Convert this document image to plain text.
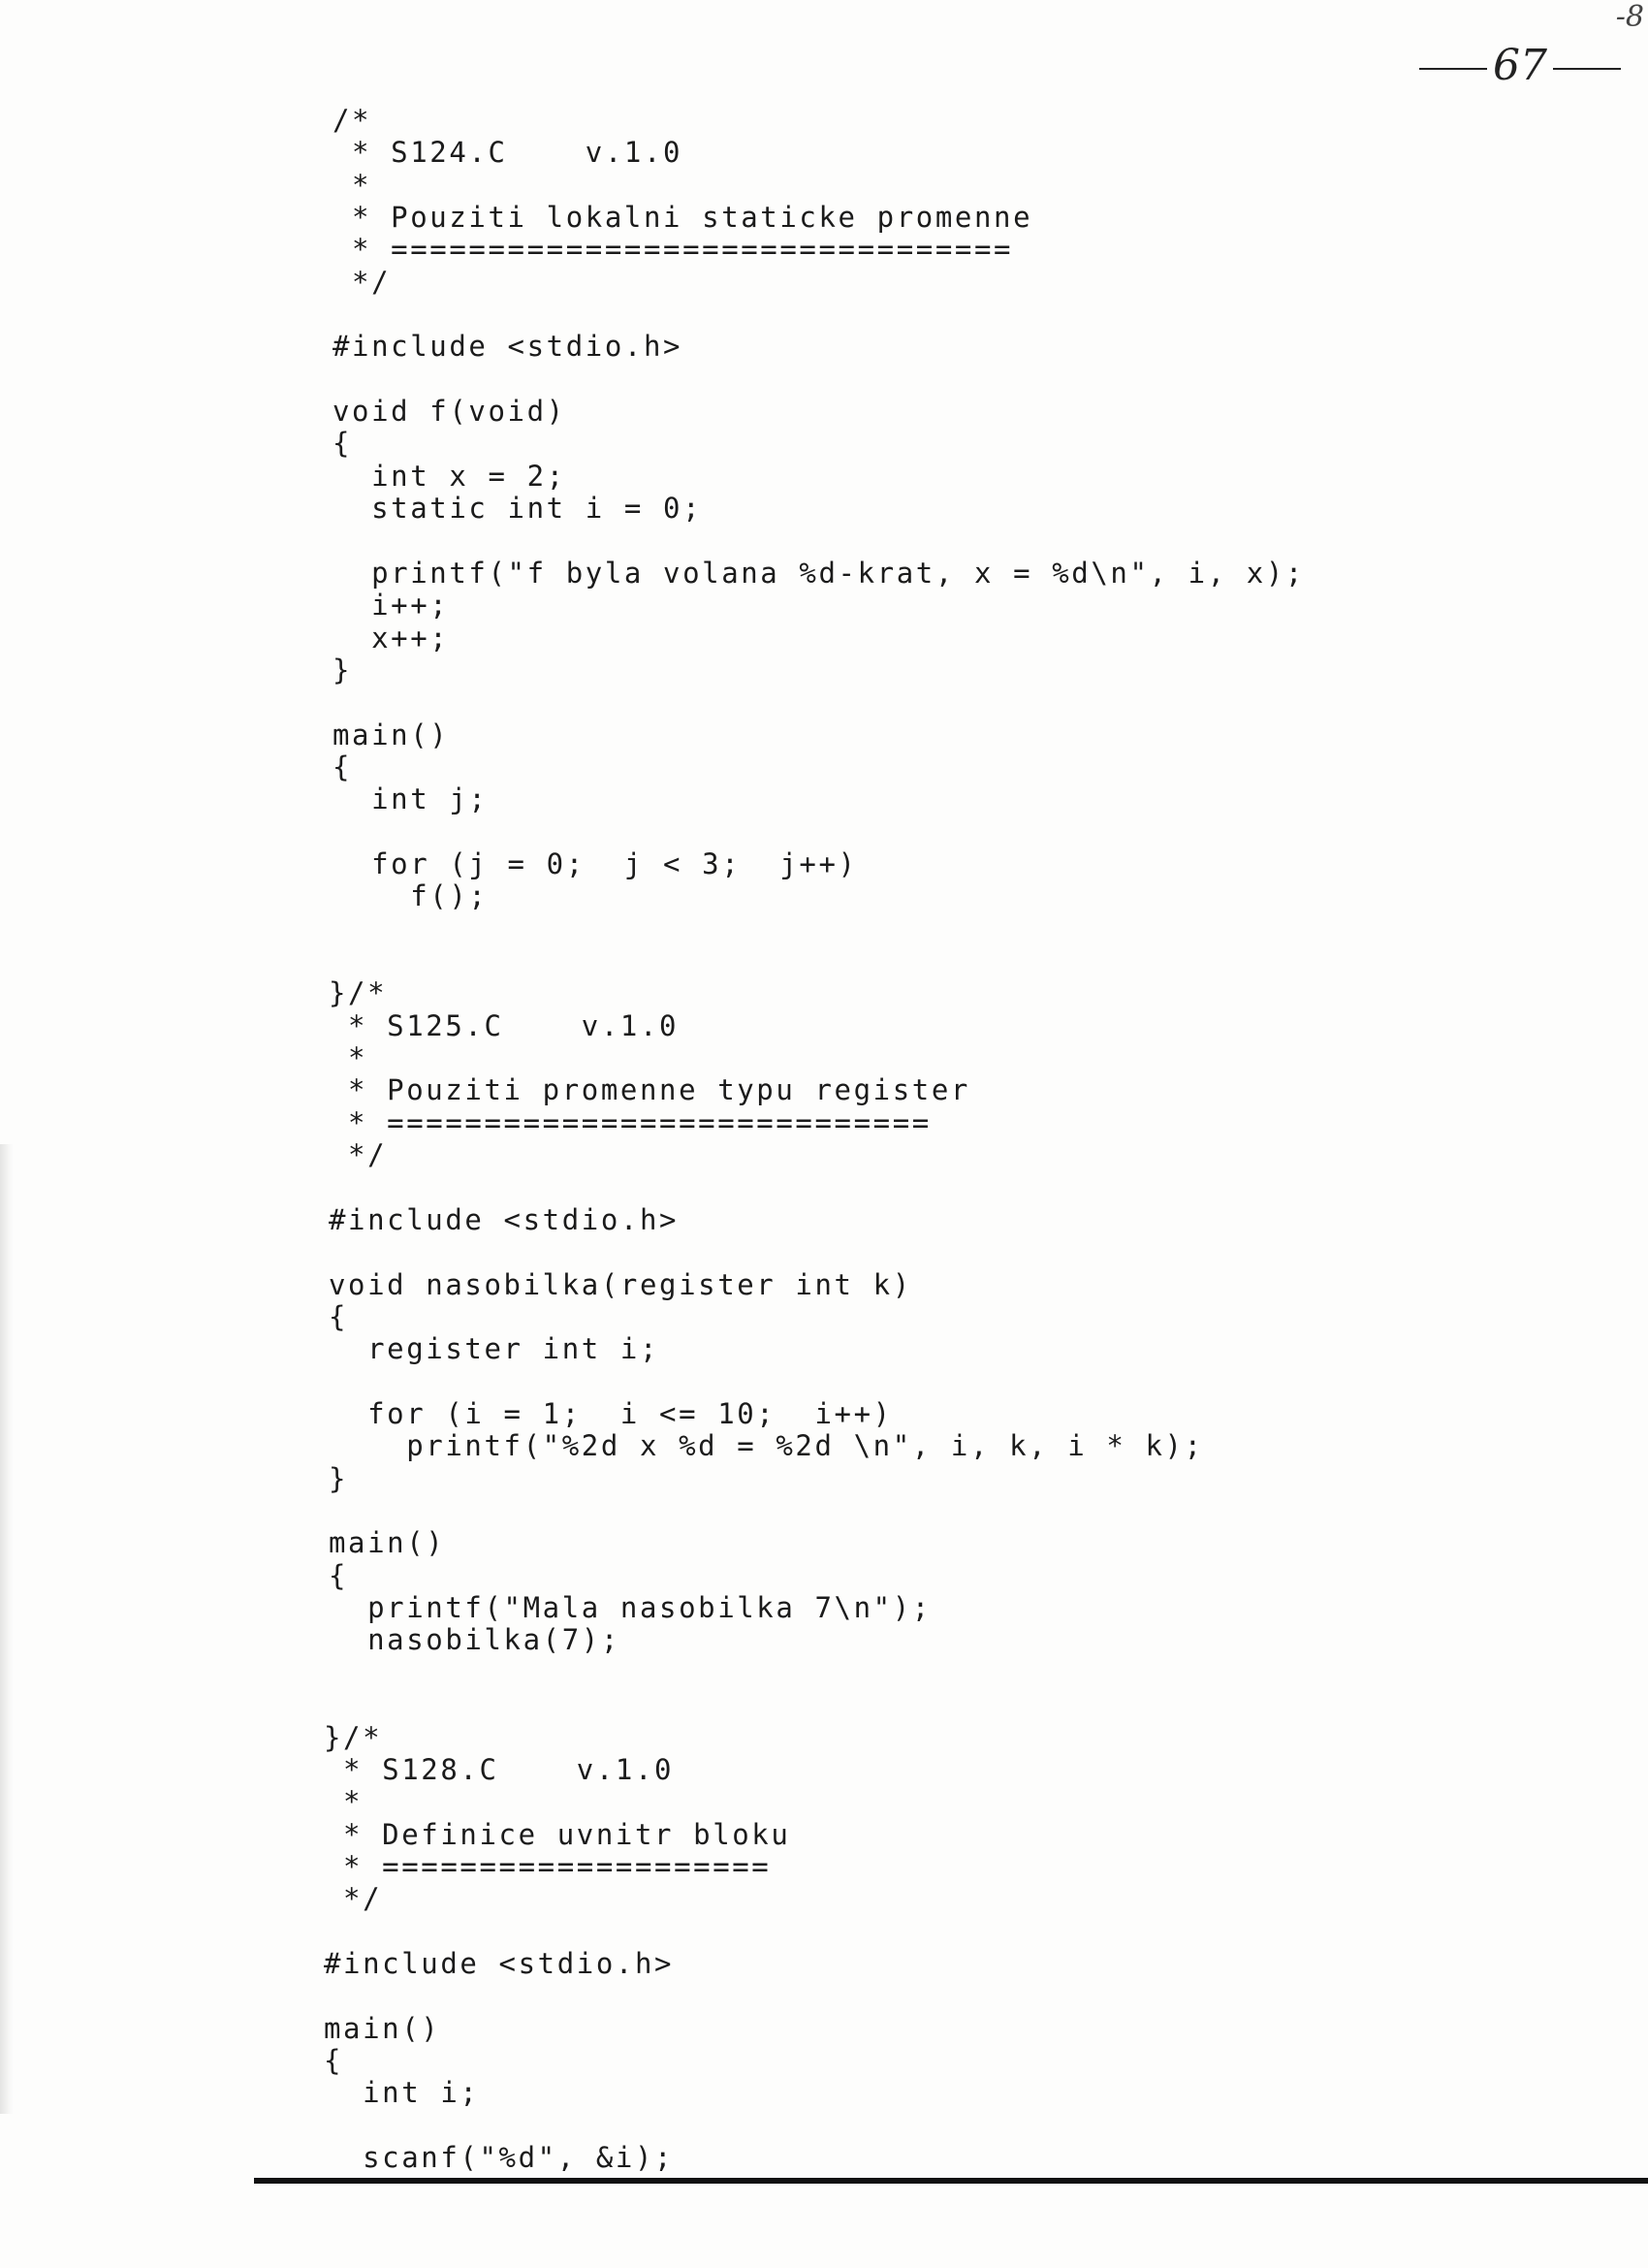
-8
67
/*
* S124.C    v.1.0
*
* Pouziti lokalni staticke promenne
* ================================
*/
#include <stdio.h>
void f(void)
{
int x = 2;
static int i = 0;
printf("f byla volana %d-krat, x = %d\n", i, x);
i++;
x++;
}
main()
{
int j;
for (j = 0;  j < 3;  j++)
f();
}/*
* S125.C    v.1.0
*
* Pouziti promenne typu register
* ============================
*/
#include <stdio.h>
void nasobilka(register int k)
{
register int i;
for (i = 1;  i <= 10;  i++)
printf("%2d x %d = %2d \n", i, k, i * k);
}
main()
{
printf("Mala nasobilka 7\n");
nasobilka(7);
}/*
* S128.C    v.1.0
*
* Definice uvnitr bloku
* ====================
*/
#include <stdio.h>
main()
{
int i;
scanf("%d", &i);
